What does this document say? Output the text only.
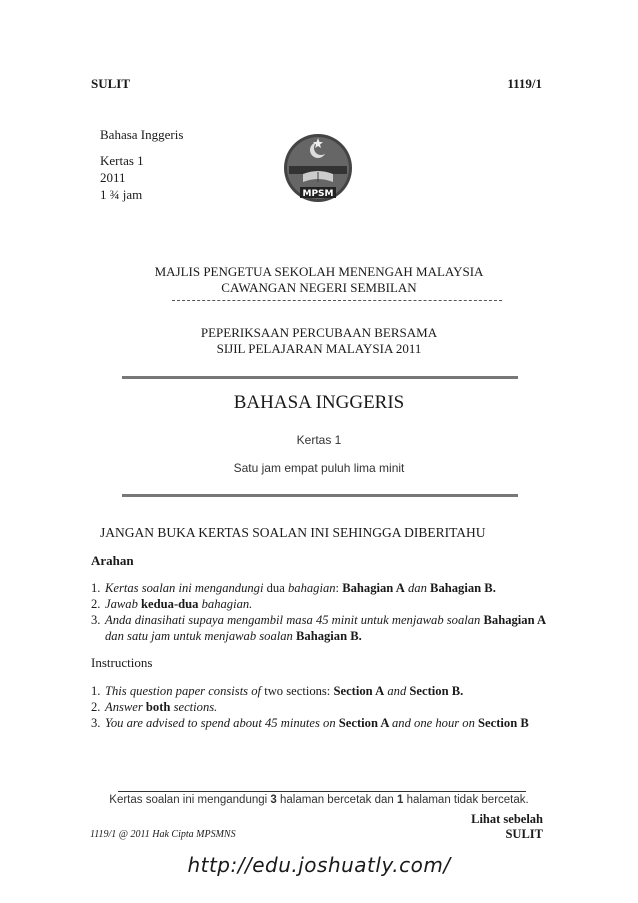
SULIT	1119/1
Bahasa Inggeris
Kertas 1
2011
1 ¾ jam	MPSM
MAJLIS PENGETUA SEKOLAH MENENGAH MALAYSIA
CAWANGAN NEGERI SEMBILAN
PEPERIKSAAN PERCUBAAN BERSAMA
SIJIL PELAJARAN MALAYSIA 2011
BAHASA INGGERIS
Kertas 1
Satu jam empat puluh lima minit
JANGAN BUKA KERTAS SOALAN INI SEHINGGA DIBERITAHU
Arahan
1. Kertas soalan ini mengandungi dua bahagian: Bahagian A dan Bahagian B.
2. Jawab kedua-dua bahagian.
3. Anda dinasihati supaya mengambil masa 45 minit untuk menjawab soalan Bahagian A dan satu jam untuk menjawab soalan Bahagian B.
Instructions
1. This question paper consists of two sections: Section A and Section B.
2. Answer both sections.
3. You are advised to spend about 45 minutes on Section A and one hour on Section B
Kertas soalan ini mengandungi 3 halaman bercetak dan 1 halaman tidak bercetak.
Lihat sebelah
SULIT
1119/1 @ 2011 Hak Cipta MPSMNS
http://edu.joshuatly.com/
